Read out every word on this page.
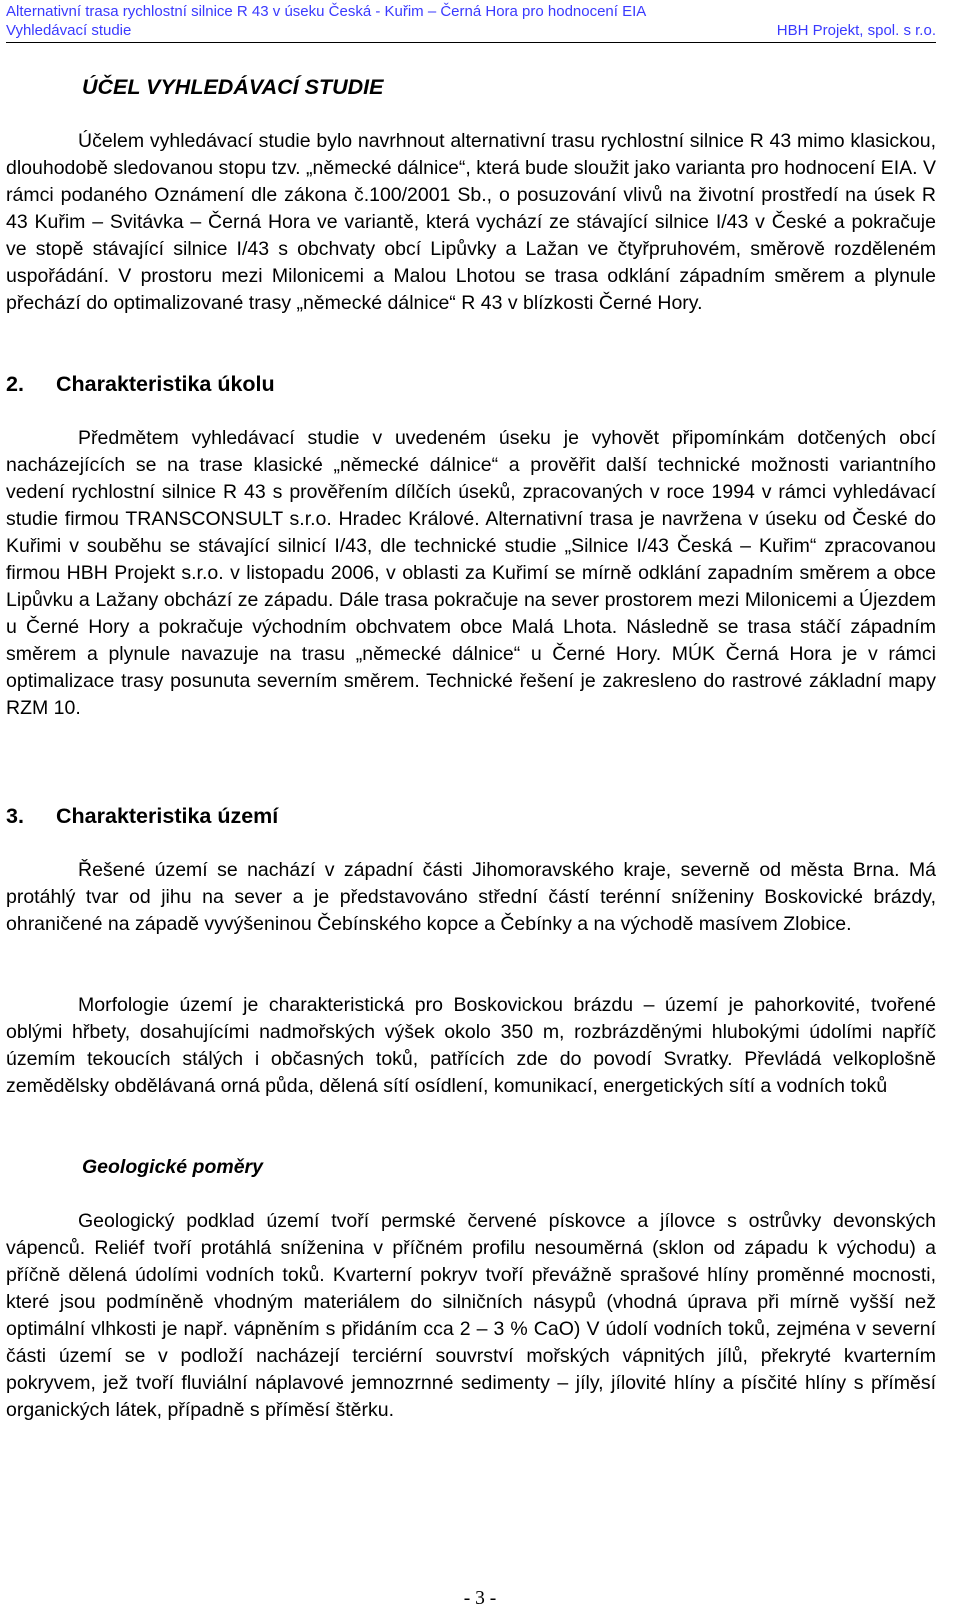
Alternativní trasa rychlostní silnice R 43 v úseku Česká - Kuřim – Černá Hora pro hodnocení EIA
Vyhledávací studie	HBH Projekt, spol. s r.o.
ÚČEL VYHLEDÁVACÍ STUDIE

Účelem vyhledávací studie bylo navrhnout alternativní trasu rychlostní silnice R 43 mimo klasickou, dlouhodobě sledovanou stopu tzv. „německé dálnice“, která bude sloužit jako varianta pro hodnocení EIA. V rámci podaného Oznámení dle zákona č.100/2001 Sb., o posuzování vlivů na životní prostředí na úsek R 43 Kuřim – Svitávka – Černá Hora ve variantě, která vychází ze stávající silnice I/43 v České a pokračuje ve stopě stávající silnice I/43 s obchvaty obcí Lipůvky a Lažan ve čtyřpruhovém, směrově rozděleném uspořádání. V prostoru mezi Milonicemi a Malou Lhotou se trasa odklání západním směrem a plynule přechází do optimalizované trasy „německé dálnice“ R 43 v blízkosti Černé Hory.

2. Charakteristika úkolu

Předmětem vyhledávací studie v uvedeném úseku je vyhovět připomínkám dotčených obcí nacházejících se na trase klasické „německé dálnice“ a prověřit další technické možnosti variantního vedení rychlostní silnice R 43 s prověřením dílčích úseků, zpracovaných v roce 1994 v rámci vyhledávací studie firmou TRANSCONSULT s.r.o. Hradec Králové. Alternativní trasa je navržena v úseku od České do Kuřimi v souběhu se stávající silnicí I/43, dle technické studie „Silnice I/43 Česká – Kuřim“ zpracovanou firmou HBH Projekt s.r.o. v listopadu 2006, v oblasti za Kuřimí se mírně odklání zapadním směrem a obce Lipůvku a Lažany obchází ze západu. Dále trasa pokračuje na sever prostorem mezi Milonicemi a Újezdem u Černé Hory a pokračuje východním obchvatem obce Malá Lhota. Následně se trasa stáčí západním směrem a plynule navazuje na trasu „německé dálnice“ u Černé Hory. MÚK Černá Hora je v rámci optimalizace trasy posunuta severním směrem. Technické řešení je zakresleno do rastrové základní mapy RZM 10.

3. Charakteristika území

Řešené území se nachází v západní části Jihomoravského kraje, severně od města Brna. Má protáhlý tvar od jihu na sever a je představováno střední částí terénní sníženiny Boskovické brázdy, ohraničené na západě vyvýšeninou Čebínského kopce a Čebínky a na východě masívem Zlobice.

Morfologie území je charakteristická pro Boskovickou brázdu – území je pahorkovité, tvořené oblými hřbety, dosahujícími nadmořských výšek okolo 350 m, rozbrázděnými hlubokými údolími napříč územím tekoucích stálých i občasných toků, patřících zde do povodí Svratky. Převládá velkoplošně zemědělsky obdělávaná orná půda, dělená sítí osídlení, komunikací, energetických sítí a vodních toků

Geologické poměry

Geologický podklad území tvoří permské červené pískovce a jílovce s ostrůvky devonských vápenců. Reliéf tvoří protáhlá sníženina v příčném profilu nesouměrná (sklon od západu k východu) a příčně dělená údolími vodních toků. Kvarterní pokryv tvoří převážně sprašové hlíny proměnné mocnosti, které jsou podmíněně vhodným materiálem do silničních násypů (vhodná úprava při mírně vyšší než optimální vlhkosti je např. vápněním s přidáním cca 2 – 3 % CaO) V údolí vodních toků, zejména v severní části území se v podloží nacházejí terciérní souvrství mořských vápnitých jílů, překryté kvarterním pokryvem, jež tvoří fluviální náplavové jemnozrnné sedimenty – jíly, jílovité hlíny a písčité hlíny s příměsí organických látek, případně s příměsí štěrku.

- 3 -
